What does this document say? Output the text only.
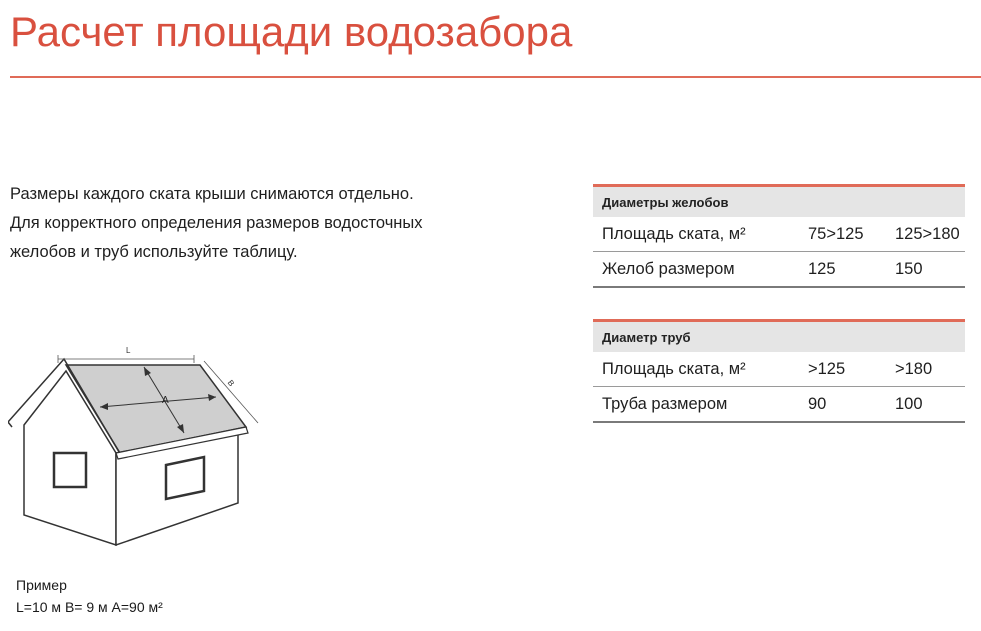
Расчет площади водозабора
Размеры каждого ската крыши снимаются отдельно.
Для корректного определения размеров водосточных
желобов и труб используйте таблицу.
Диаметры желобов
Площадь ската, м²	75>125	125>180
Желоб размером	125	150
Диаметр труб
Площадь ската, м²	>125	>180
Труба размером	90	100
L
B
A
Пример
L=10 м B= 9 м A=90 м²
